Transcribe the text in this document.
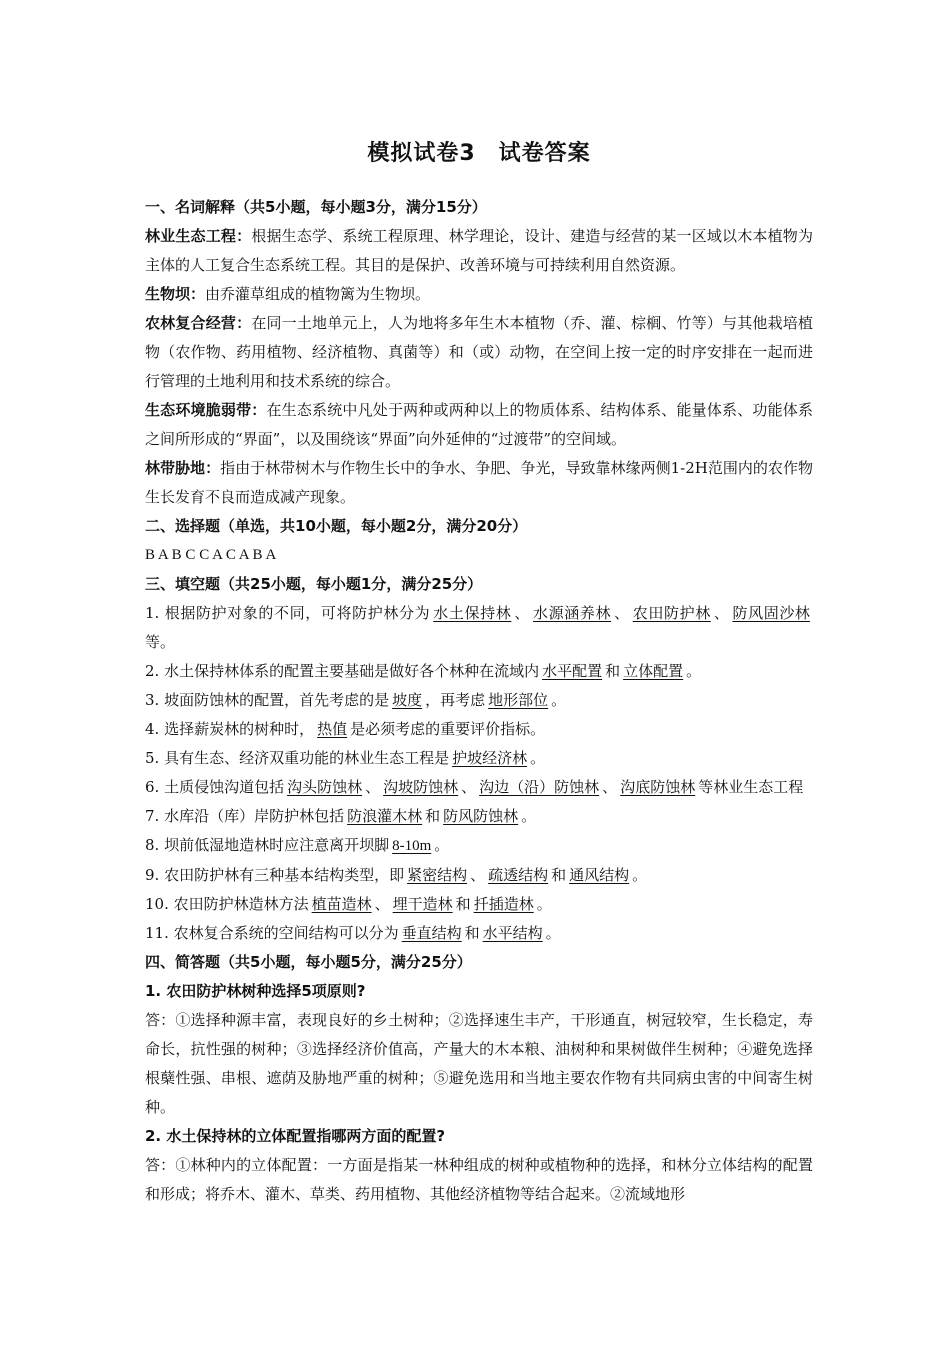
模拟试卷3　试卷答案

一、名词解释（共5小题，每小题3分，满分15分）

林业生态工程：根据生态学、系统工程原理、林学理论，设计、建造与经营的某一区域以木本植物为主体的人工复合生态系统工程。其目的是保护、改善环境与可持续利用自然资源。

生物坝：由乔灌草组成的植物篱为生物坝。

农林复合经营：在同一土地单元上，人为地将多年生木本植物（乔、灌、棕榈、竹等）与其他栽培植物（农作物、药用植物、经济植物、真菌等）和（或）动物，在空间上按一定的时序安排在一起而进行管理的土地利用和技术系统的综合。

生态环境脆弱带：在生态系统中凡处于两种或两种以上的物质体系、结构体系、能量体系、功能体系之间所形成的“界面”，以及围绕该“界面”向外延伸的“过渡带”的空间域。

林带胁地：指由于林带树木与作物生长中的争水、争肥、争光，导致靠林缘两侧1-2H范围内的农作物生长发育不良而造成减产现象。

二、选择题（单选，共10小题，每小题2分，满分20分）

B A B C C A C A B A

三、填空题（共25小题，每小题1分，满分25分）

1. 根据防护对象的不同，可将防护林分为 水土保持林 、 水源涵养林 、 农田防护林 、 防风固沙林等。

2. 水土保持林体系的配置主要基础是做好各个林种在流域内 水平配置 和 立体配置 。

3. 坡面防蚀林的配置，首先考虑的是 坡度 ，再考虑 地形部位 。

4. 选择薪炭林的树种时， 热值 是必须考虑的重要评价指标。

5. 具有生态、经济双重功能的林业生态工程是 护坡经济林 。

6. 土质侵蚀沟道包括 沟头防蚀林 、 沟坡防蚀林 、 沟边（沿）防蚀林 、 沟底防蚀林 等林业生态工程

7. 水库沿（库）岸防护林包括 防浪灌木林 和 防风防蚀林 。

8. 坝前低湿地造林时应注意离开坝脚 8-10m 。

9. 农田防护林有三种基本结构类型，即 紧密结构 、 疏透结构 和 通风结构 。

10. 农田防护林造林方法 植苗造林 、 埋干造林 和 扦插造林 。

11. 农林复合系统的空间结构可以分为 垂直结构 和 水平结构 。

四、简答题（共5小题，每小题5分，满分25分）

1. 农田防护林树种选择5项原则?

答：①选择种源丰富，表现良好的乡土树种；②选择速生丰产，干形通直，树冠较窄，生长稳定，寿命长，抗性强的树种；③选择经济价值高，产量大的木本粮、油树种和果树做伴生树种；④避免选择根蘖性强、串根、遮荫及胁地严重的树种；⑤避免选用和当地主要农作物有共同病虫害的中间寄生树种。

2. 水土保持林的立体配置指哪两方面的配置?

答：①林种内的立体配置：一方面是指某一林种组成的树种或植物种的选择，和林分立体结构的配置和形成；将乔木、灌木、草类、药用植物、其他经济植物等结合起来。②流域地形
